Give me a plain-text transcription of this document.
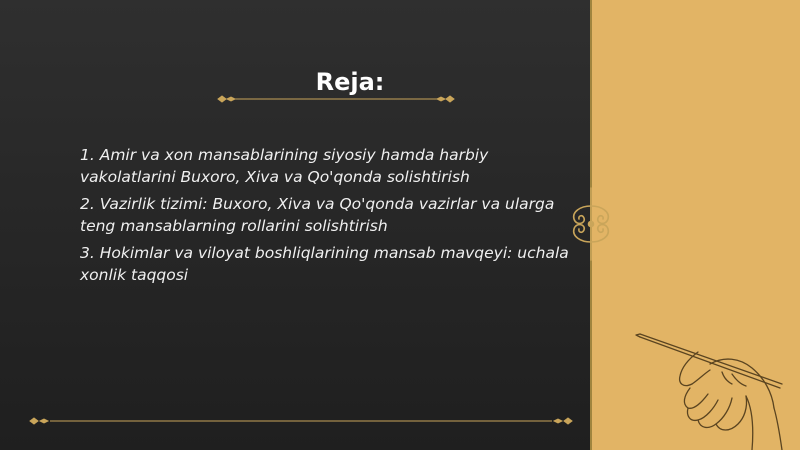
Reja:
1. Amir va xon mansablarining siyosiy hamda harbiy vakolatlarini Buxoro, Xiva va Qo'qonda solishtirish
2. Vazirlik tizimi: Buxoro, Xiva va Qo'qonda vazirlar va ularga teng mansablarning rollarini solishtirish
3. Hokimlar va viloyat boshliqlarining mansab mavqeyi: uchala xonlik taqqosi
